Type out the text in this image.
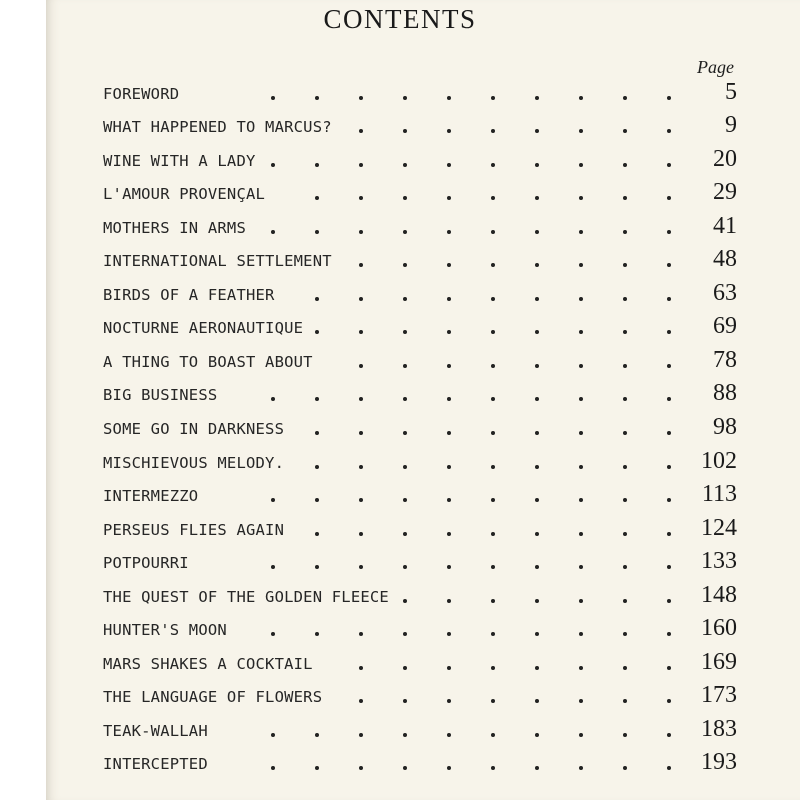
CONTENTS
Page
FOREWORD	5
WHAT HAPPENED TO MARCUS?	9
WINE WITH A LADY	20
L'AMOUR PROVENÇAL	29
MOTHERS IN ARMS	41
INTERNATIONAL SETTLEMENT	48
BIRDS OF A FEATHER	63
NOCTURNE AERONAUTIQUE	69
A THING TO BOAST ABOUT	78
BIG BUSINESS	88
SOME GO IN DARKNESS	98
MISCHIEVOUS MELODY.	102
INTERMEZZO	113
PERSEUS FLIES AGAIN	124
POTPOURRI	133
THE QUEST OF THE GOLDEN FLEECE	148
HUNTER'S MOON	160
MARS SHAKES A COCKTAIL	169
THE LANGUAGE OF FLOWERS	173
TEAK-WALLAH	183
INTERCEPTED	193
